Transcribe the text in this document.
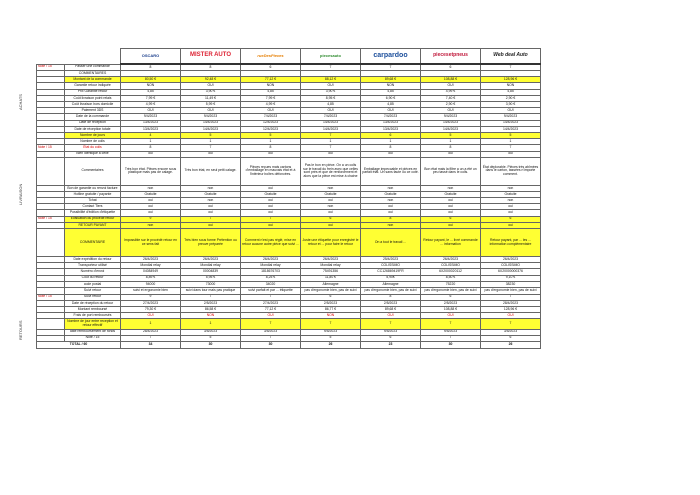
ACHATS
LIVRAISON
RETOURS

OSCARO	MISTER AUTO	rueDesPieces	piecesauto	carpardoo	piecesetpneus	Web deal Auto

Note / 15	Passer une commande	8	8	6	7	7	6	7
	COMMENTAIRES							
	Montant de la commande	80,50 €	92,48 €	77,12 €	88,12 €	89,68 €	108,88 €	128,96 €
	Garantie retour indiquée	NON	OUI	NON	OUI	NON	OUI	NON
	Prix Garantie retour	4,85	3,90 €	4,85	3,90 €	4,85	4,99 €	4,85
	Coût livraison point relais	7,99 €	11,49 €	7,99 €	8,95 €	6,90 €	7,40 €	2,90 €
	Coût livraison hors domicile	4,99 €	5,99 €	4,99 €	4,85	4,85	2,90 €	3,90 €
	Paiement 3DS	OUI	OUI	OUI	OUI	OUI	OUI	OUI
	Date de la commande	9/4/2023	9/4/2023	7/4/2023	7/4/2023	7/4/2023	9/4/2023	9/4/2023
	Date de réception	13/4/2023	14/4/2023	12/4/2023	14/4/2023	13/4/2023	14/4/2023	14/4/2023
	Date de réception totale	13/4/2023	14/4/2023	12/4/2023	14/4/2023	13/4/2023	14/4/2023	14/4/2023
	Nombre de jours	4	5	5	7	6	5	5
	Nombre de colis	1	1	1	1	1	1	1
Note / 15	État du colis	8	7	8	7	8	8	7
	Bien identique à celle	oui	oui	oui	oui	oui	oui	oui
	Commentaires	Très bon état. Pièces encore sous plastique mais pas de calage.	Très bon état, en seul petit calage.	Pièces reçues mais cartons d'emballage en mauvais état et à l'intérieur boîtes défoncées.	Pas le bon en pièce. On a un colis sur le travail du frein avec que celles sont près et que de renforcement et alors que la pièce est mise à chaine	Emballage impeccable et pièces en parfait état. Un sans faute ou ce coté.	Bon état mais la filtre a un a été un peu tassé dans le colis.	État déplorable. Pièces très abîmées dans le carton, tassées n'importe comment.
	Bon de garantie ou renvoi facture	non	non	oui	non	non	non	non
	Hotline gratuite / payante	Gratuite	Gratuite	Gratuite	Gratuite	Gratuite	Gratuite	Gratuite
	Tchat	oui	non	oui	oui	non	oui	non
	Contact Tiers	oui	oui	oui	non	oui	oui	oui
	Possibilité d'édition d'étiquette	oui	oui	oui	oui	oui	oui	oui
Note / 15	Évaluation du procédé retour	9	7	7	6	8	6	6
	RETOUR PAYANT	non	oui	oui	oui	non	oui	oui
	COMMENTAIRE	Impossible sur le procédé retour en ce sens fait	Très bien sous forme Prétention ou preuve préparée	Comment n'est pas réglé, mise en retour aucune autre pièce que suivi ...	Juste une étiquette pour enregistré le retour et ... pour faire le retour	On a tout le travail ...	Retour payant, le ... livré commande ... information	Retour payant, par ... les ... information complémentaire
	Date expédition du retour	26/4/2023	26/4/2023	26/4/2023	26/4/2023	25/4/2023	26/4/2023	26/4/2023
	Transporteur utilisé	Mondial relay	Mondial relay	Mondial relay	Mondial relay	COLISSIMO	COLISSIMO	COLISSIMO
	Numéro d'envoi	04084949	00004839	1818676703	75491356	CC126869419FR	6X2000020112	6X20000000376
	Coût du retour	8,89 €	5,95 €	8,25 €	11,80 €	5,90€	8,50 €	9,10 €
	code postal	94000	73000	34020	Allemagne	Allemagne	75220	38230
	Suivi retour	suivi et ergonomie bien	suivi dans tour mais pas pratique	suivi parfait et par ... étiquette	pas d'ergonomie bien, pas de suivi	pas d'ergonomie bien, pas de suivi	pas d'ergonomie bien, pas de suivi	pas d'ergonomie bien, pas de suivi
Note / 15	Suivi retour	9	7	7	6	8	6	7
	Date de réception du retour	27/4/2023	2/5/2023	27/4/2023	2/5/2023	2/5/2023	2/5/2023	28/4/2023
	Montant remboursé	79,30 €	86,58 €	77,12 €	86,77 €	89,68 €	108,88 €	128,96 €
	Frais de port remboursés	OUI	NON	OUI	NON	OUI	OUI	OUI
	Nombre de jour entre reception et retour effectif	1	1	7	7	7	7	7
	date remboursement de fonds	28/4/2023	3/5/2023	3/5/2023	9/5/2023	9/5/2023	9/5/2023	3/5/2023
	Note / 15	7	5	7	5	6	7	6
TOTAL / 60		34	30	30	26	23	30	26
